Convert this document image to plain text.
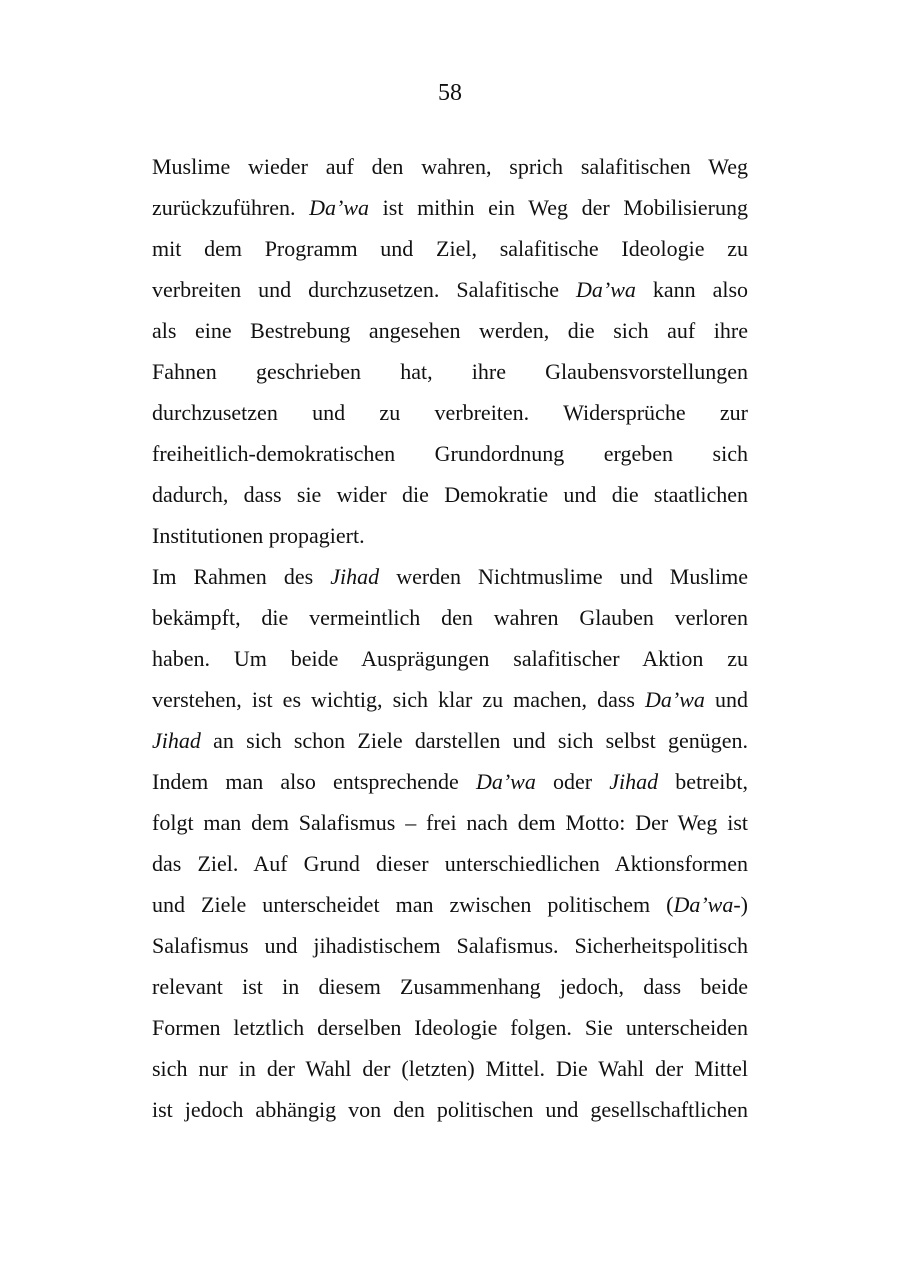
58
Muslime wieder auf den wahren, sprich salafitischen Weg
zurückzuführen. Da’wa ist mithin ein Weg der Mobilisierung
mit dem Programm und Ziel, salafitische Ideologie zu
verbreiten und durchzusetzen. Salafitische Da’wa kann also
als eine Bestrebung angesehen werden, die sich auf ihre
Fahnen geschrieben hat, ihre Glaubensvorstellungen
durchzusetzen und zu verbreiten. Widersprüche zur
freiheitlich-demokratischen Grundordnung ergeben sich
dadurch, dass sie wider die Demokratie und die staatlichen
Institutionen propagiert.
Im Rahmen des Jihad werden Nichtmuslime und Muslime
bekämpft, die vermeintlich den wahren Glauben verloren
haben. Um beide Ausprägungen salafitischer Aktion zu
verstehen, ist es wichtig, sich klar zu machen, dass Da’wa und
Jihad an sich schon Ziele darstellen und sich selbst genügen.
Indem man also entsprechende Da’wa oder Jihad betreibt,
folgt man dem Salafismus – frei nach dem Motto: Der Weg ist
das Ziel. Auf Grund dieser unterschiedlichen Aktionsformen
und Ziele unterscheidet man zwischen politischem (Da’wa-)
Salafismus und jihadistischem Salafismus. Sicherheitspolitisch
relevant ist in diesem Zusammenhang jedoch, dass beide
Formen letztlich derselben Ideologie folgen. Sie unterscheiden
sich nur in der Wahl der (letzten) Mittel. Die Wahl der Mittel
ist jedoch abhängig von den politischen und gesellschaftlichen
